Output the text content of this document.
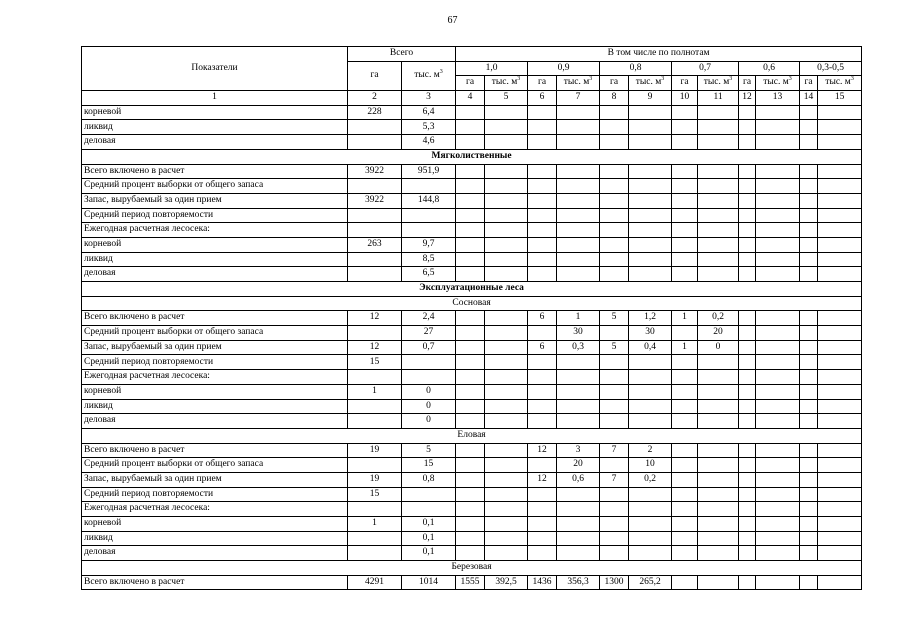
67
Показатели	Всего		В том числе по полнотам											
	га	тыс. $м^3$	1,0		0,9		0,8		0,7		0,6		0,3-0,5	
			га	тыс. $м^3$	га	тыс. $м^3$	га	тыс. $м^3$	га	тыс. $м^3$	га	тыс. $м^3$	га	тыс. $м^3$
1	2	3	4	5	6	7	8	9	10	11	12	13	14	15
корневой	228	6,4												
ликвид		5,3												
деловая		4,6												
Мягколиственные														
Всего включено в расчет	3922	951,9												
Средний процент выборки от общего запаса														
Запас, вырубаемый за один прием	3922	144,8												
Средний период повторяемости														
Ежегодная расчетная лесосека:														
корневой	263	9,7												
ликвид		8,5												
деловая		6,5												
Эксплуатационные леса														
Сосновая														
Всего включено в расчет	12	2,4			6	1	5	1,2	1	0,2				
Средний процент выборки от общего запаса		27				30		30		20				
Запас, вырубаемый за один прием	12	0,7			6	0,3	5	0,4	1	0				
Средний период повторяемости	15													
Ежегодная расчетная лесосека:														
корневой	1	0												
ликвид		0												
деловая		0												
Еловая														
Всего включено в расчет	19	5			12	3	7	2						
Средний процент выборки от общего запаса		15				20		10						
Запас, вырубаемый за один прием	19	0,8			12	0,6	7	0,2						
Средний период повторяемости	15													
Ежегодная расчетная лесосека:														
корневой	1	0,1												
ликвид		0,1												
деловая		0,1												
Березовая														
Всего включено в расчет	4291	1014	1555	392,5	1436	356,3	1300	265,2						
